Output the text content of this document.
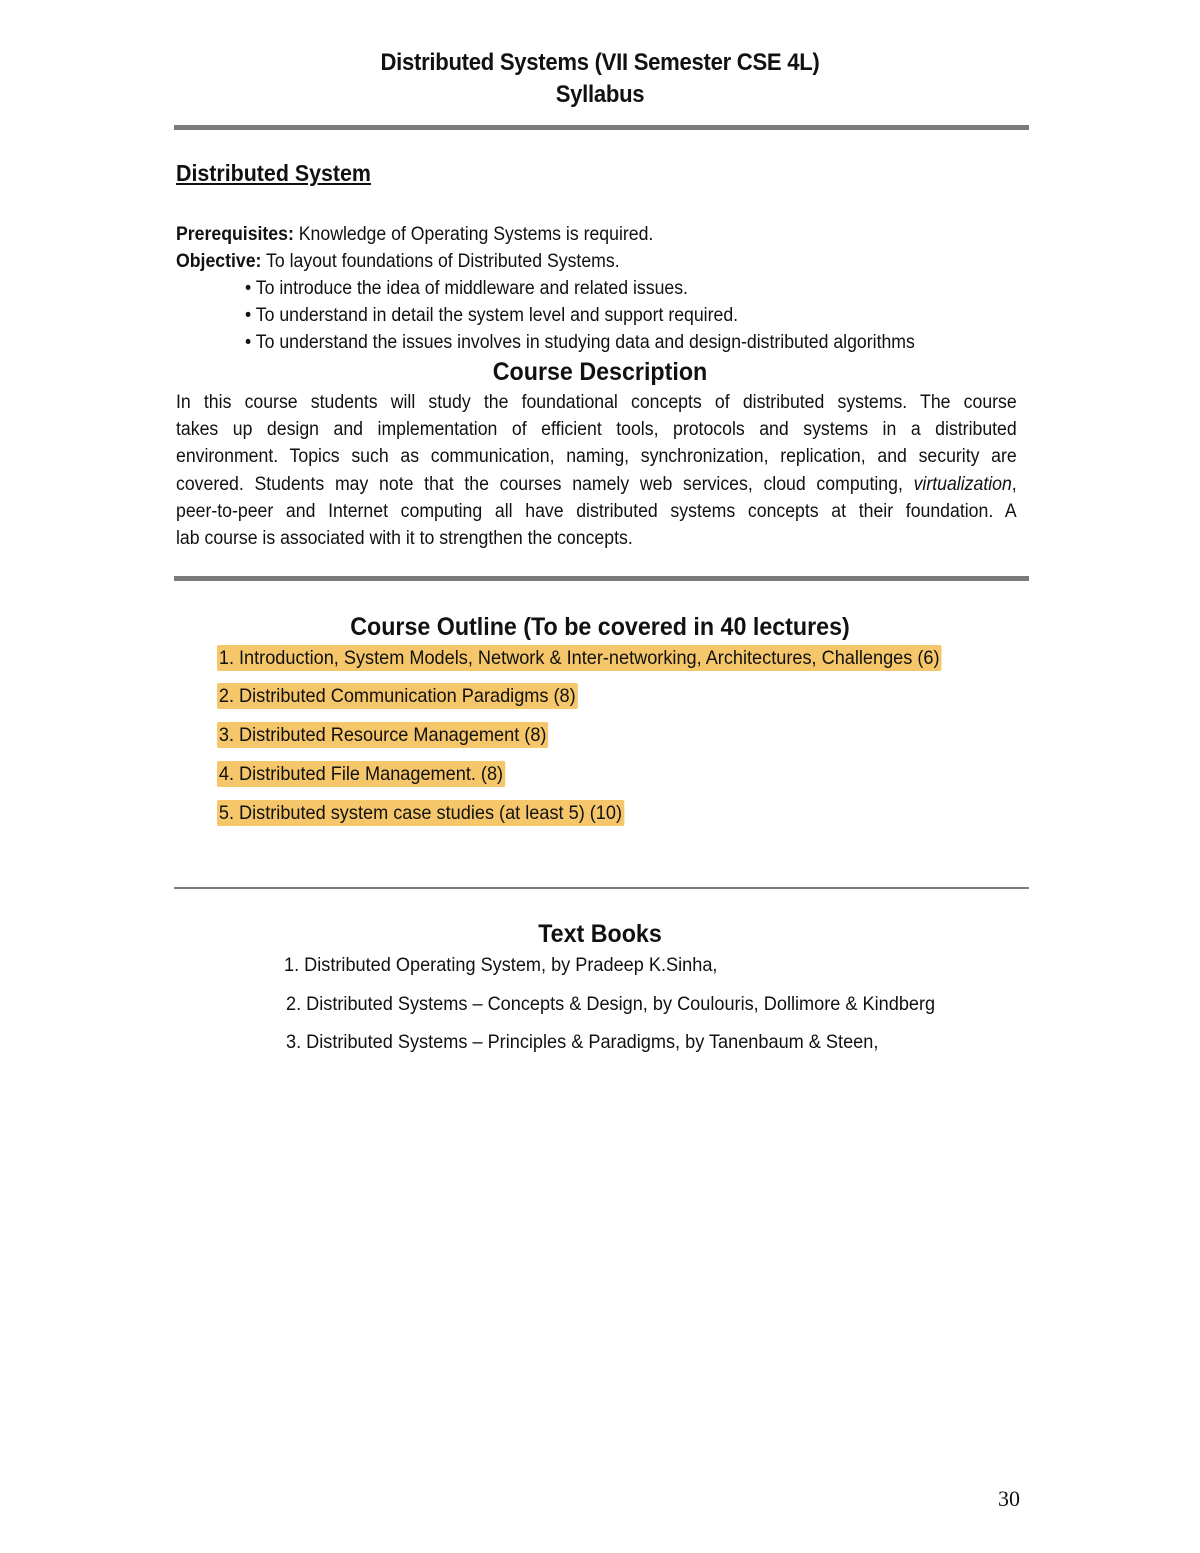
Distributed Systems (VII Semester CSE 4L)
Syllabus
Distributed System
Prerequisites: Knowledge of Operating Systems is required.
Objective: To layout foundations of Distributed Systems.
• To introduce the idea of middleware and related issues.
• To understand in detail the system level and support required.
• To understand the issues involves in studying data and design-distributed algorithms
Course Description
In this course students will study the foundational concepts of distributed systems. The course
takes up design and implementation of efficient tools, protocols and systems in a distributed
environment. Topics such as communication, naming, synchronization, replication, and security are
covered. Students may note that the courses namely web services, cloud computing, virtualization,
peer-to-peer and Internet computing all have distributed systems concepts at their foundation. A
lab course is associated with it to strengthen the concepts.
Course Outline (To be covered in 40 lectures)
1. Introduction, System Models, Network & Inter-networking, Architectures, Challenges (6)
2. Distributed Communication Paradigms (8)
3. Distributed Resource Management (8)
4. Distributed File Management. (8)
5. Distributed system case studies (at least 5) (10)
Text Books
1. Distributed Operating System, by Pradeep K.Sinha,
2. Distributed Systems – Concepts & Design, by Coulouris, Dollimore & Kindberg
3. Distributed Systems – Principles & Paradigms, by Tanenbaum & Steen,
30
